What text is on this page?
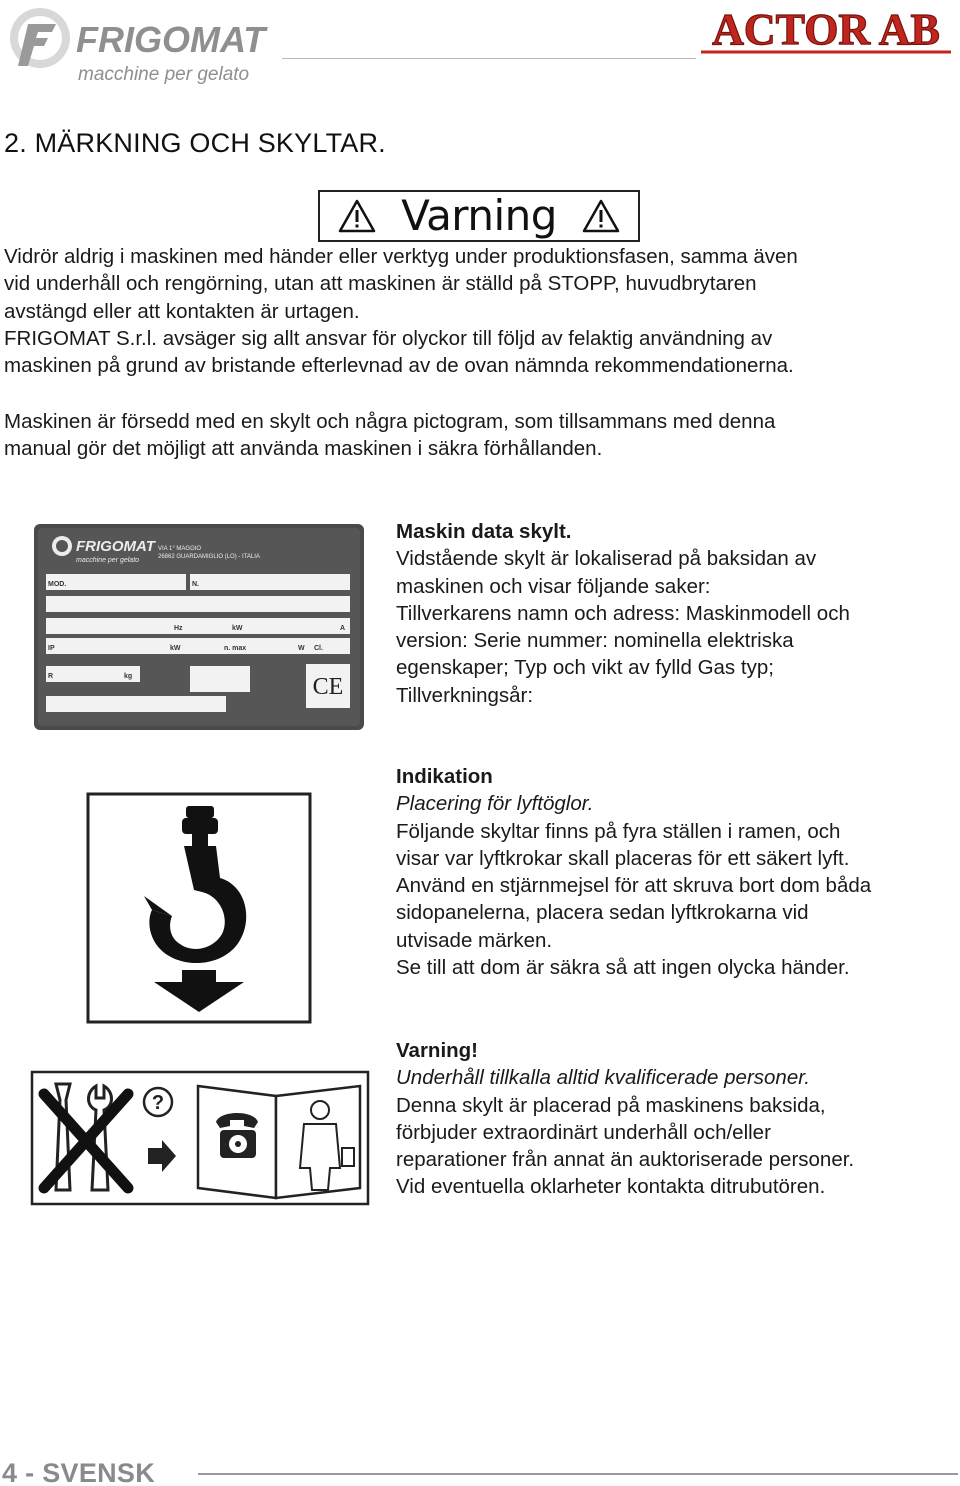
FRIGOMAT
macchine per gelato
ACTOR AB
2. MÄRKNING OCH SKYLTAR.
Varning
Vidrör aldrig i maskinen med händer eller verktyg under produktionsfasen, samma även
vid underhåll och rengörning, utan att maskinen är ställd på STOPP, huvudbrytaren
avstängd eller att kontakten är urtagen.
FRIGOMAT S.r.l. avsäger sig allt ansvar för olyckor till följd av felaktig användning av
maskinen på grund av bristande efterlevnad av de ovan nämnda rekommendationerna.
Maskinen är försedd med en skylt och några pictogram, som tillsammans med denna
manual gör det möjligt att använda maskinen i säkra förhållanden.
FRIGOMAT
macchine per gelato
VIA 1° MAGGIO
26862 GUARDAMIGLIO (LO) - ITALIA
MOD.	N.
Hz	kW	A
IP	kW	n. max	W Cl.
R	kg	CE
Maskin data skylt.
Vidstående skylt är lokaliserad på baksidan av
maskinen och visar följande saker:
Tillverkarens namn och adress: Maskinmodell och
version: Serie nummer: nominella elektriska
egenskaper; Typ och vikt av fylld Gas typ;
Tillverkningsår:
Indikation
Placering för lyftöglor.
Följande skyltar finns på fyra ställen i ramen, och
visar var lyftkrokar skall placeras för ett säkert lyft.
Använd en stjärnmejsel för att skruva bort dom båda
sidopanelerna, placera sedan lyftkrokarna vid
utvisade märken.
Se till att dom är säkra så att ingen olycka händer.
?
Varning!
Underhåll tillkalla alltid kvalificerade personer.
Denna skylt är placerad på maskinens baksida,
förbjuder extraordinärt underhåll och/eller
reparationer från annat än auktoriserade personer.
Vid eventuella oklarheter kontakta ditrubutören.
4 - SVENSK
